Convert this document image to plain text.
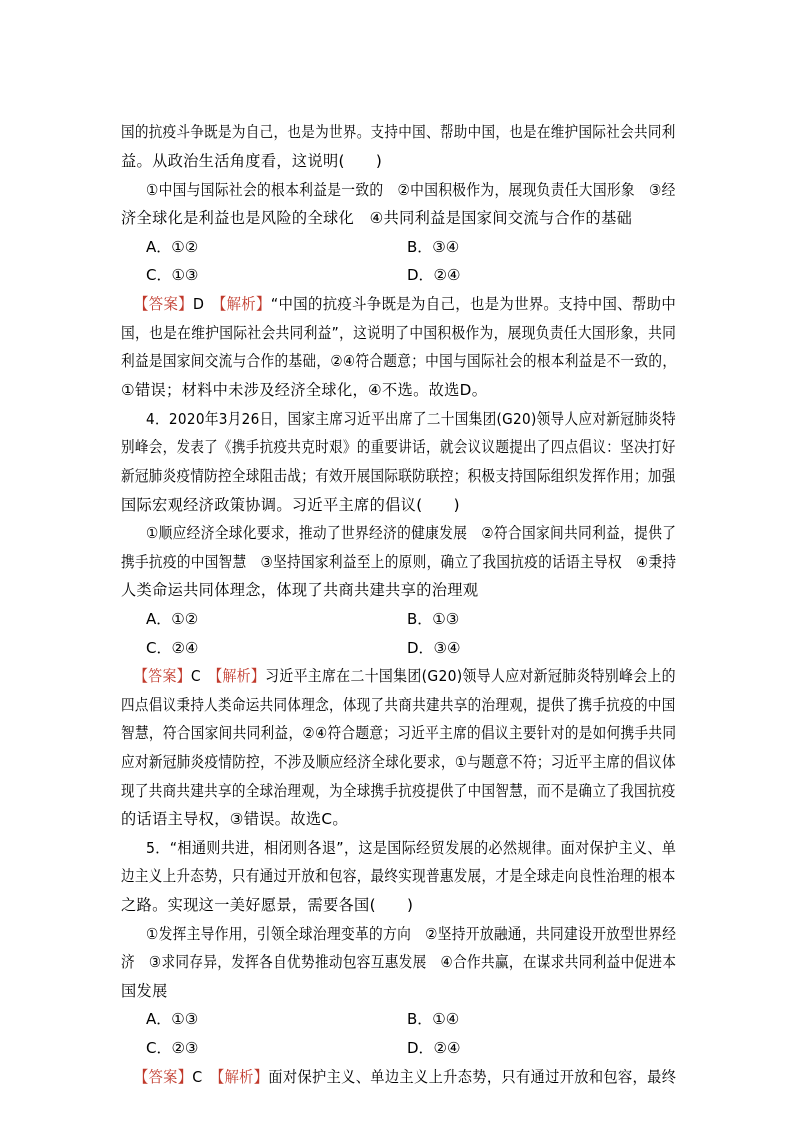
国的抗疫斗争既是为自己，也是为世界。支持中国、帮助中国，也是在维护国际社会共同利
益。从政治生活角度看，这说明(　　)
①中国与国际社会的根本利益是一致的　②中国积极作为，展现负责任大国形象　③经
济全球化是利益也是风险的全球化　④共同利益是国家间交流与合作的基础
A．①②	B．③④
C．①③	D．②④
【答案】D　 【解析】“中国的抗疫斗争既是为自己，也是为世界。支持中国、帮助中
国，也是在维护国际社会共同利益”，这说明了中国积极作为，展现负责任大国形象，共同
利益是国家间交流与合作的基础，②④符合题意；中国与国际社会的根本利益是不一致的，
①错误；材料中未涉及经济全球化，④不选。故选D。
4．2020年3月26日，国家主席习近平出席了二十国集团(G20)领导人应对新冠肺炎特
别峰会，发表了《携手抗疫共克时艰》的重要讲话，就会议议题提出了四点倡议：坚决打好
新冠肺炎疫情防控全球阻击战；有效开展国际联防联控；积极支持国际组织发挥作用；加强
国际宏观经济政策协调。习近平主席的倡议(　　)
①顺应经济全球化要求，推动了世界经济的健康发展　②符合国家间共同利益，提供了
携手抗疫的中国智慧　③坚持国家利益至上的原则，确立了我国抗疫的话语主导权　④秉持
人类命运共同体理念，体现了共商共建共享的治理观
A．①②	B．①③
C．②④	D．③④
【答案】C　 【解析】习近平主席在二十国集团(G20)领导人应对新冠肺炎特别峰会上的
四点倡议秉持人类命运共同体理念，体现了共商共建共享的治理观，提供了携手抗疫的中国
智慧，符合国家间共同利益，②④符合题意；习近平主席的倡议主要针对的是如何携手共同
应对新冠肺炎疫情防控，不涉及顺应经济全球化要求，①与题意不符；习近平主席的倡议体
现了共商共建共享的全球治理观，为全球携手抗疫提供了中国智慧，而不是确立了我国抗疫
的话语主导权，③错误。故选C。
5．“相通则共进，相闭则各退”，这是国际经贸发展的必然规律。面对保护主义、单
边主义上升态势，只有通过开放和包容，最终实现普惠发展，才是全球走向良性治理的根本
之路。实现这一美好愿景，需要各国(　　)
①发挥主导作用，引领全球治理变革的方向　②坚持开放融通，共同建设开放型世界经
济　③求同存异，发挥各自优势推动包容互惠发展　④合作共赢，在谋求共同利益中促进本
国发展
A．①③	B．①④
C．②③	D．②④
【答案】C　 【解析】面对保护主义、单边主义上升态势，只有通过开放和包容，最终
